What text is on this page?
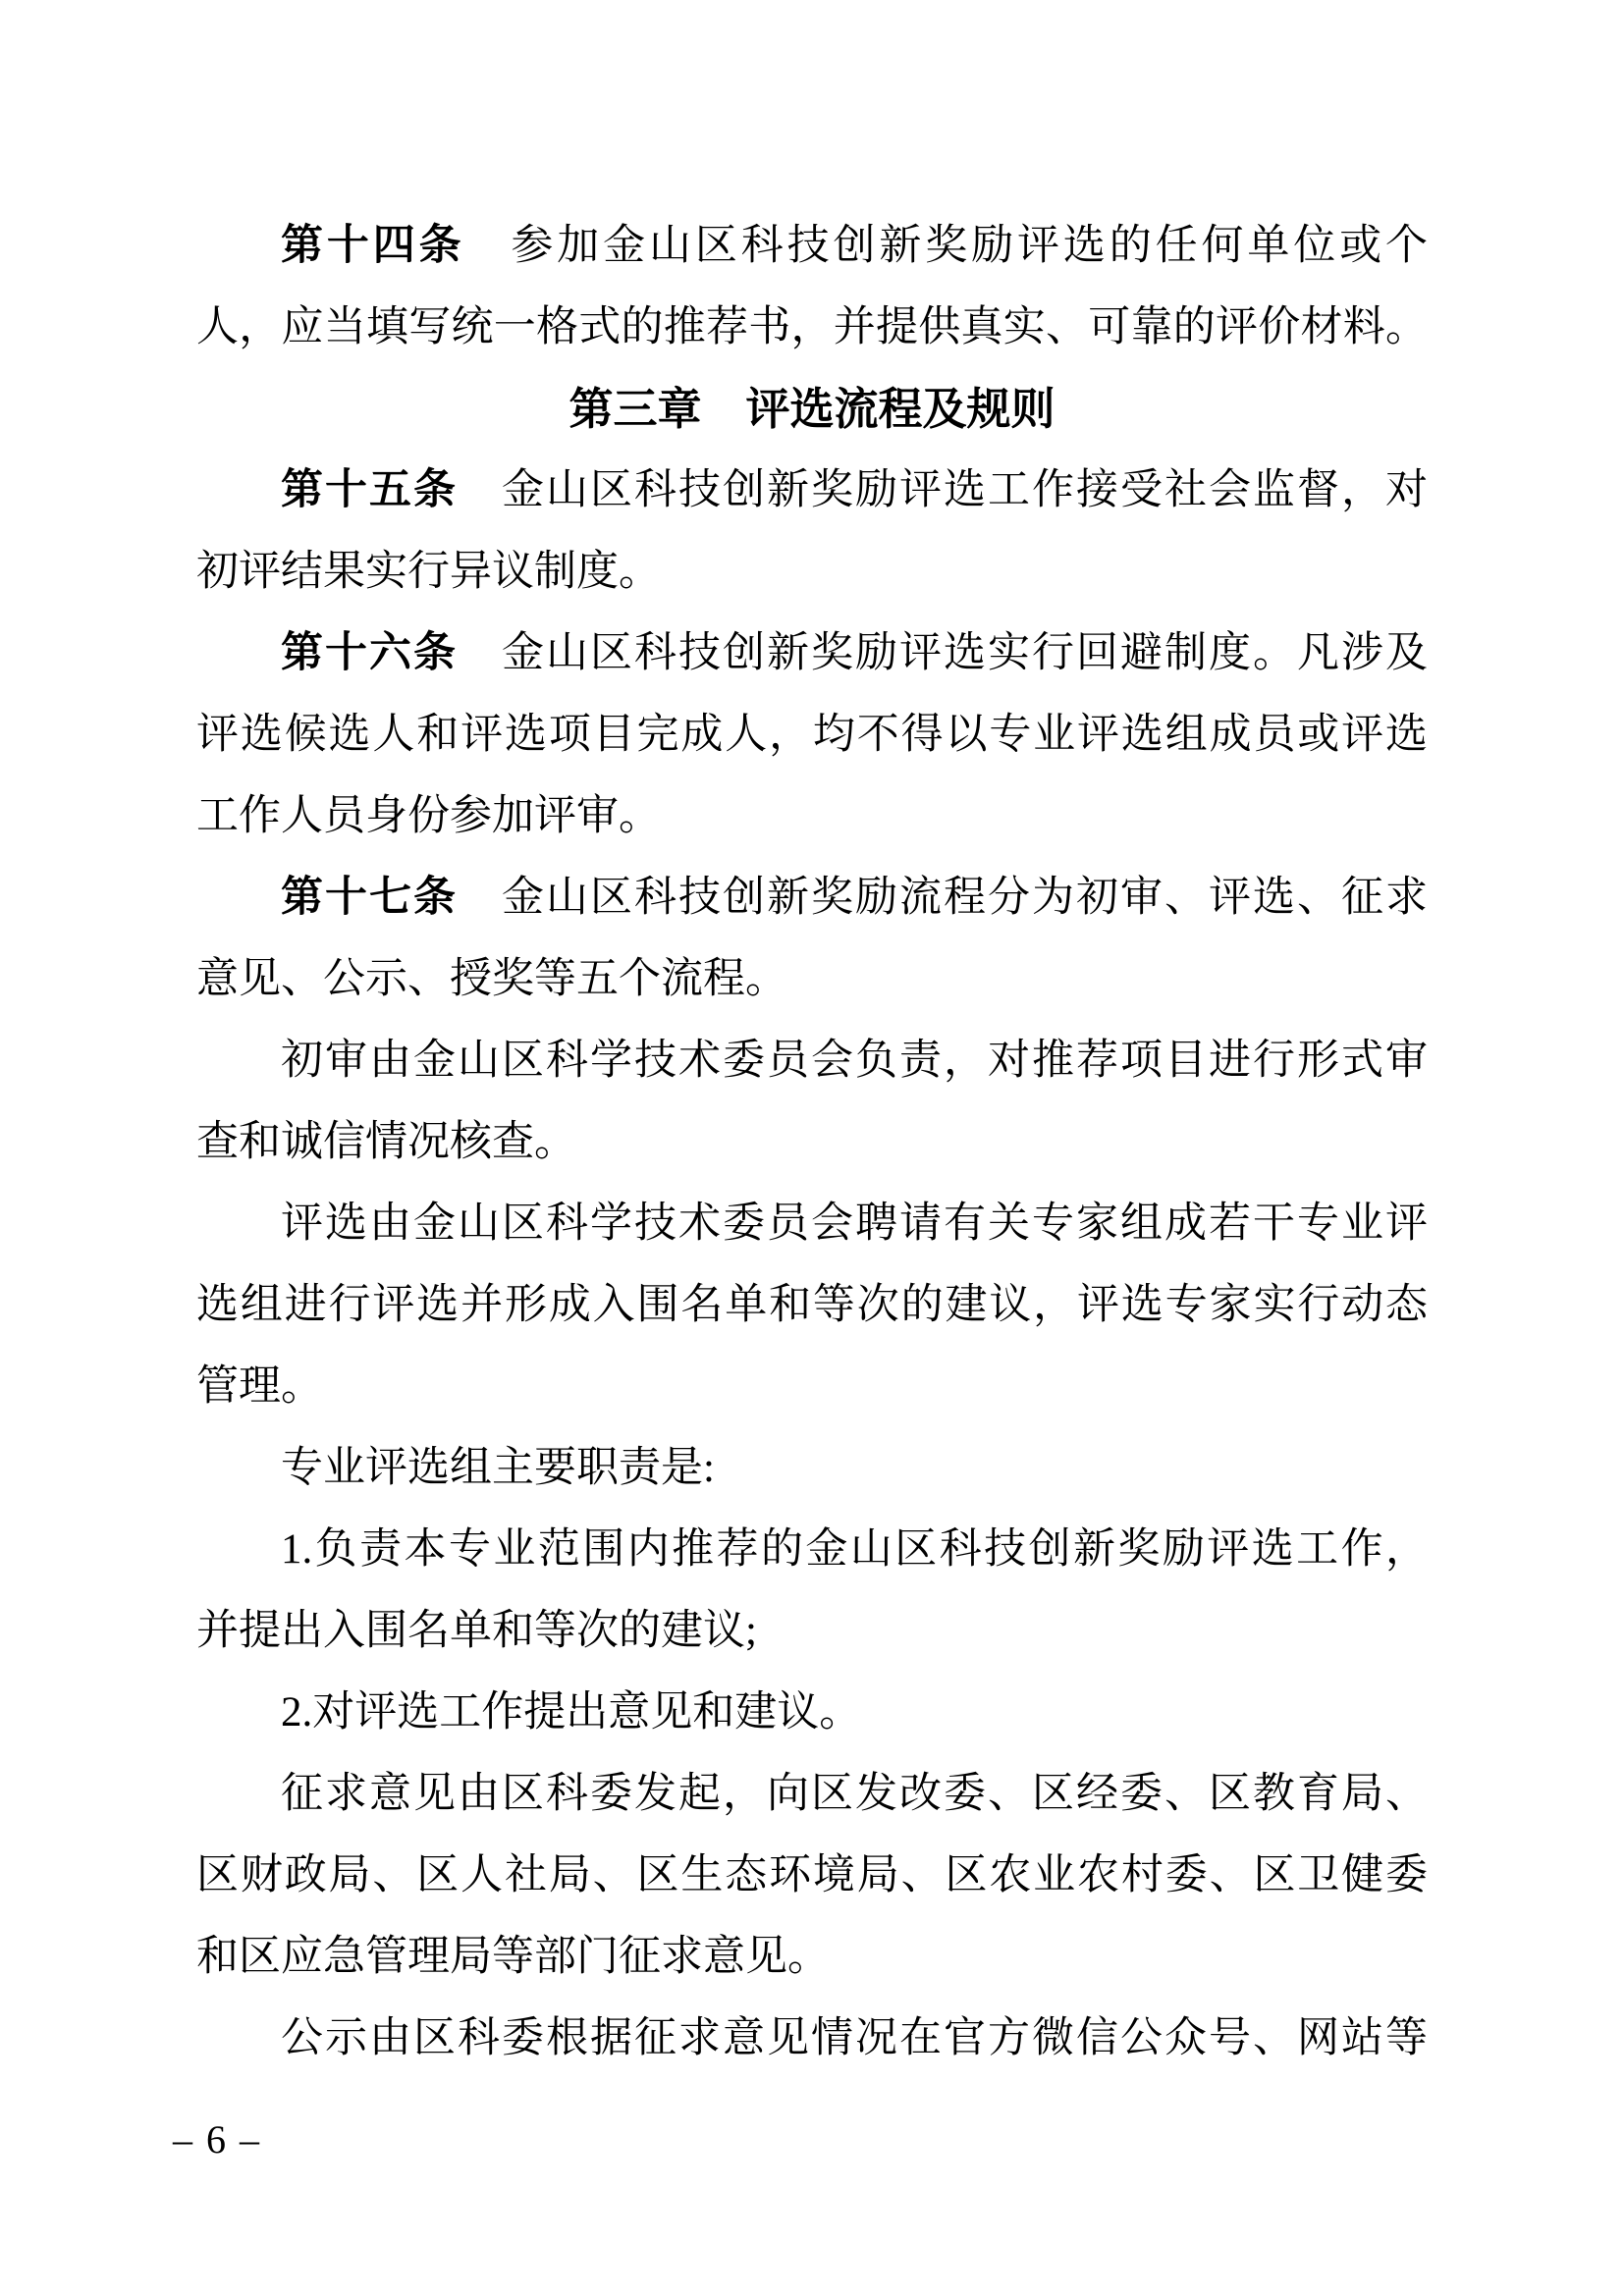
第十四条　参加金山区科技创新奖励评选的任何单位或个
人，应当填写统一格式的推荐书，并提供真实、可靠的评价材料。
第三章　评选流程及规则
第十五条　金山区科技创新奖励评选工作接受社会监督，对
初评结果实行异议制度。
第十六条　金山区科技创新奖励评选实行回避制度。凡涉及
评选候选人和评选项目完成人，均不得以专业评选组成员或评选
工作人员身份参加评审。
第十七条　金山区科技创新奖励流程分为初审、评选、征求
意见、公示、授奖等五个流程。
初审由金山区科学技术委员会负责，对推荐项目进行形式审
查和诚信情况核查。
评选由金山区科学技术委员会聘请有关专家组成若干专业评
选组进行评选并形成入围名单和等次的建议，评选专家实行动态
管理。
专业评选组主要职责是:
1.负责本专业范围内推荐的金山区科技创新奖励评选工作，
并提出入围名单和等次的建议;
2.对评选工作提出意见和建议。
征求意见由区科委发起，向区发改委、区经委、区教育局、
区财政局、区人社局、区生态环境局、区农业农村委、区卫健委
和区应急管理局等部门征求意见。
公示由区科委根据征求意见情况在官方微信公众号、网站等
– 6 –
